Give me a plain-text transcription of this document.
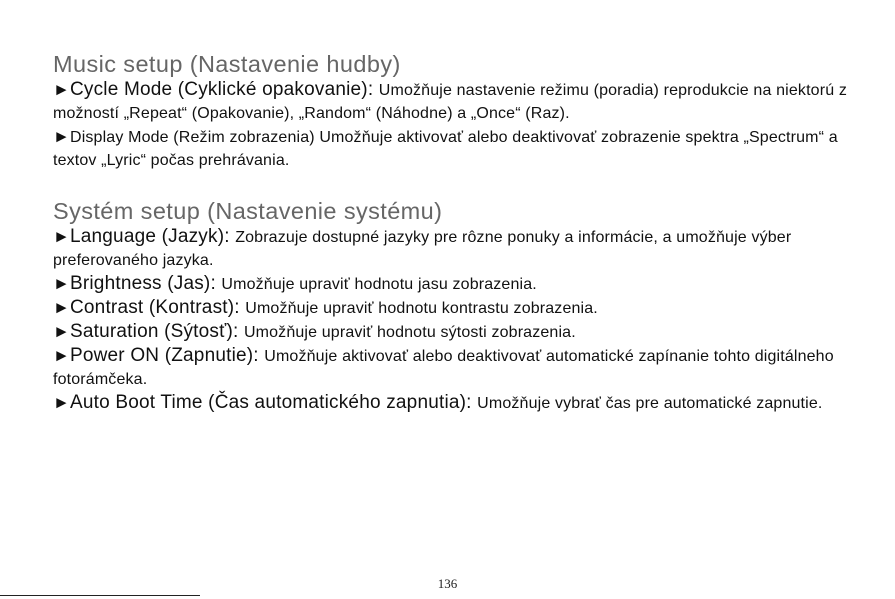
Music setup (Nastavenie hudby)

►Cycle Mode (Cyklické opakovanie): Umožňuje nastavenie režimu (poradia) reprodukcie na niektorú z možností „Repeat“ (Opakovanie), „Random“ (Náhodne) a „Once“ (Raz).

►Display Mode (Režim zobrazenia) Umožňuje aktivovať alebo deaktivovať zobrazenie spektra „Spectrum“ a textov „Lyric“ počas prehrávania.

Systém setup (Nastavenie systému)

►Language (Jazyk): Zobrazuje dostupné jazyky pre rôzne ponuky a informácie, a umožňuje výber preferovaného jazyka.

►Brightness (Jas): Umožňuje upraviť hodnotu jasu zobrazenia.

►Contrast (Kontrast): Umožňuje upraviť hodnotu kontrastu zobrazenia.

►Saturation (Sýtosť): Umožňuje upraviť hodnotu sýtosti zobrazenia.

►Power ON (Zapnutie): Umožňuje aktivovať alebo deaktivovať automatické zapínanie tohto digitálneho fotorámčeka.

►Auto Boot Time (Čas automatického zapnutia): Umožňuje vybrať čas pre automatické zapnutie.

136
